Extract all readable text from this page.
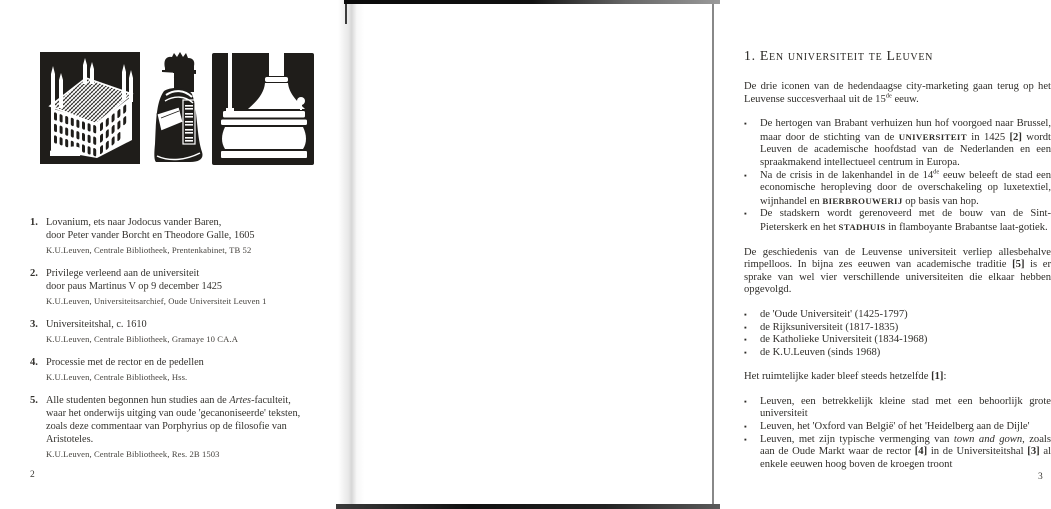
1. Lovanium, ets naar Jodocus vander Baren,
door Peter vander Borcht en Theodore Galle, 1605
K.U.Leuven, Centrale Bibliotheek, Prentenkabinet, TB 52
2. Privilege verleend aan de universiteit
door paus Martinus V op 9 december 1425
K.U.Leuven, Universiteitsarchief, Oude Universiteit Leuven 1
3. Universiteitshal, c. 1610
K.U.Leuven, Centrale Bibliotheek, Gramaye 10 CA.A
4. Processie met de rector en de pedellen
K.U.Leuven, Centrale Bibliotheek, Hss.
5. Alle studenten begonnen hun studies aan de Artes-faculteit,
waar het onderwijs uitging van oude 'gecanoniseerde' teksten,
zoals deze commentaar van Porphyrius op de filosofie van
Aristoteles.
K.U.Leuven, Centrale Bibliotheek, Res. 2B 1503
2
1. Een universiteit te Leuven
De drie iconen van de hedendaagse city-marketing gaan terug op het Leuvense succesverhaal uit de 15de eeuw.
▪	De hertogen van Brabant verhuizen hun hof voorgoed naar Brussel, maar door de stichting van de UNIVERSITEIT in 1425 [2] wordt Leuven de academische hoofdstad van de Nederlanden en een spraakmakend intellectueel centrum in Europa.
▪	Na de crisis in de lakenhandel in de 14de eeuw beleeft de stad een economische heropleving door de overschakeling op luxetextiel, wijnhandel en BIERBROUWERIJ op basis van hop.
▪	De stadskern wordt gerenoveerd met de bouw van de Sint-Pieterskerk en het STADHUIS in flamboyante Brabantse laat-gotiek.
De geschiedenis van de Leuvense universiteit verliep allesbehalve rimpelloos. In bijna zes eeuwen van academische traditie [5] is er sprake van wel vier verschillende universiteiten die elkaar hebben opgevolgd.
▪	de 'Oude Universiteit' (1425-1797)
▪	de Rijksuniversiteit (1817-1835)
▪	de Katholieke Universiteit (1834-1968)
▪	de K.U.Leuven (sinds 1968)
Het ruimtelijke kader bleef steeds hetzelfde [1]:
▪	Leuven, een betrekkelijk kleine stad met een behoorlijk grote universiteit
▪	Leuven, het 'Oxford van België' of het 'Heidelberg aan de Dijle'
▪	Leuven, met zijn typische vermenging van town and gown, zoals aan de Oude Markt waar de rector [4] in de Universiteitshal [3] al enkele eeuwen hoog boven de kroegen troont
3
